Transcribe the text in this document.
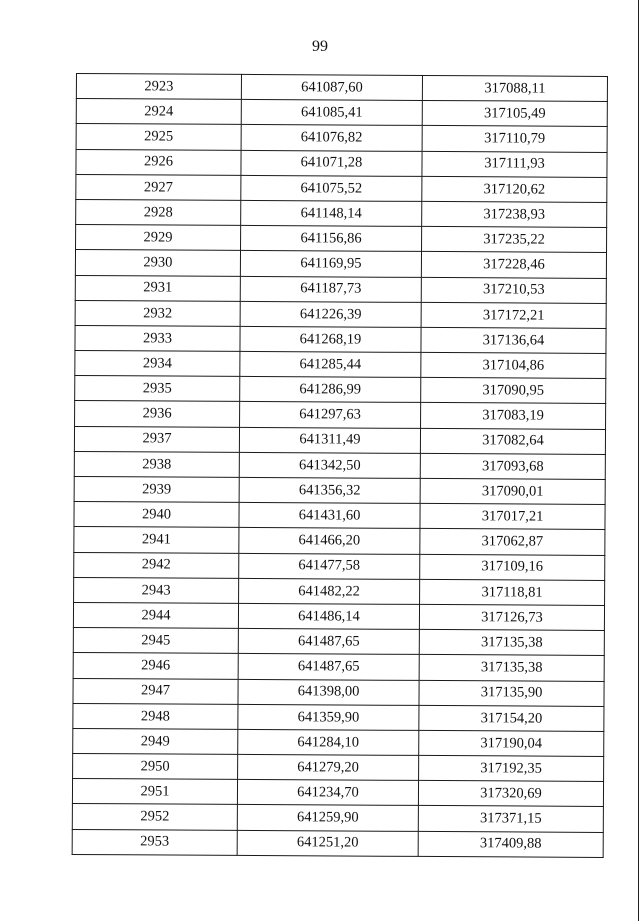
99
2923	641087,60	317088,11
2924	641085,41	317105,49
2925	641076,82	317110,79
2926	641071,28	317111,93
2927	641075,52	317120,62
2928	641148,14	317238,93
2929	641156,86	317235,22
2930	641169,95	317228,46
2931	641187,73	317210,53
2932	641226,39	317172,21
2933	641268,19	317136,64
2934	641285,44	317104,86
2935	641286,99	317090,95
2936	641297,63	317083,19
2937	641311,49	317082,64
2938	641342,50	317093,68
2939	641356,32	317090,01
2940	641431,60	317017,21
2941	641466,20	317062,87
2942	641477,58	317109,16
2943	641482,22	317118,81
2944	641486,14	317126,73
2945	641487,65	317135,38
2946	641487,65	317135,38
2947	641398,00	317135,90
2948	641359,90	317154,20
2949	641284,10	317190,04
2950	641279,20	317192,35
2951	641234,70	317320,69
2952	641259,90	317371,15
2953	641251,20	317409,88
